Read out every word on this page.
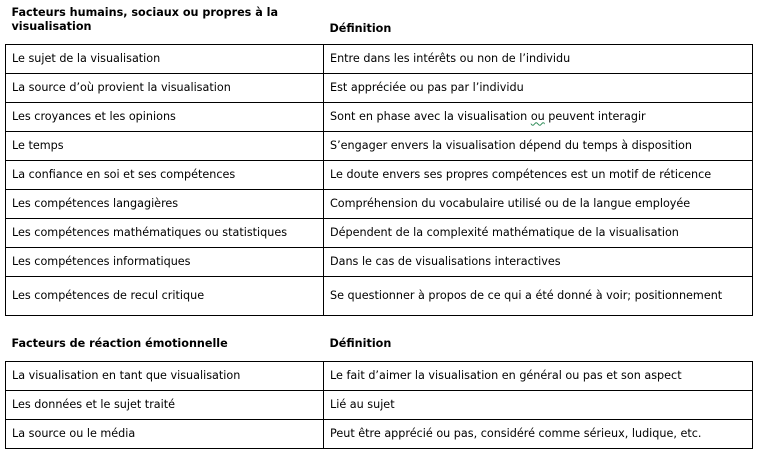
Facteurs humains, sociaux ou propres à la visualisation	Définition
Le sujet de la visualisation	Entre dans les intérêts ou non de l’individu
La source d’où provient la visualisation	Est appréciée ou pas par l’individu
Les croyances et les opinions	Sont en phase avec la visualisation ou peuvent interagir
Le temps	S’engager envers la visualisation dépend du temps à disposition
La confiance en soi et ses compétences	Le doute envers ses propres compétences est un motif de réticence
Les compétences langagières	Compréhension du vocabulaire utilisé ou de la langue employée
Les compétences mathématiques ou statistiques	Dépendent de la complexité mathématique de la visualisation
Les compétences informatiques	Dans le cas de visualisations interactives
Les compétences de recul critique	Se questionner à propos de ce qui a été donné à voir; positionnement
Facteurs de réaction émotionnelle	Définition
La visualisation en tant que visualisation	Le fait d’aimer la visualisation en général ou pas et son aspect
Les données et le sujet traité	Lié au sujet
La source ou le média	Peut être apprécié ou pas, considéré comme sérieux, ludique, etc.
